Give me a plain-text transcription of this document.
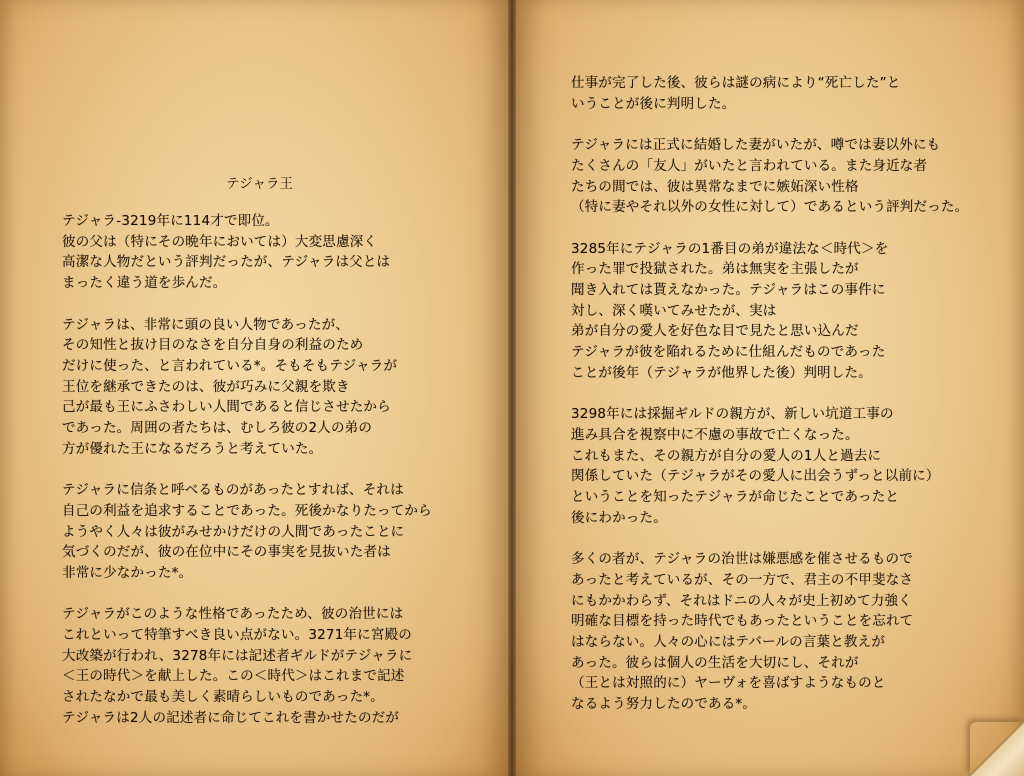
テジャラ王
テジャラ-3219年に114才で即位。
彼の父は（特にその晩年においては）大変思慮深く
高潔な人物だという評判だったが、テジャラは父とは
まったく違う道を歩んだ。
テジャラは、非常に頭の良い人物であったが、
その知性と抜け目のなさを自分自身の利益のため
だけに使った、と言われている*。そもそもテジャラが
王位を継承できたのは、彼が巧みに父親を欺き
己が最も王にふさわしい人間であると信じさせたから
であった。周囲の者たちは、むしろ彼の2人の弟の
方が優れた王になるだろうと考えていた。
テジャラに信条と呼べるものがあったとすれば、それは
自己の利益を追求することであった。死後かなりたってから
ようやく人々は彼がみせかけだけの人間であったことに
気づくのだが、彼の在位中にその事実を見抜いた者は
非常に少なかった*。
テジャラがこのような性格であったため、彼の治世には
これといって特筆すべき良い点がない。3271年に宮殿の
大改築が行われ、3278年には記述者ギルドがテジャラに
＜王の時代＞を献上した。この＜時代＞はこれまで記述
されたなかで最も美しく素晴らしいものであった*。
テジャラは2人の記述者に命じてこれを書かせたのだが
仕事が完了した後、彼らは謎の病により“死亡した”と
いうことが後に判明した。
テジャラには正式に結婚した妻がいたが、噂では妻以外にも
たくさんの「友人」がいたと言われている。また身近な者
たちの間では、彼は異常なまでに嫉妬深い性格
（特に妻やそれ以外の女性に対して）であるという評判だった。
3285年にテジャラの1番目の弟が違法な＜時代＞を
作った罪で投獄された。弟は無実を主張したが
聞き入れては貰えなかった。テジャラはこの事件に
対し、深く嘆いてみせたが、実は
弟が自分の愛人を好色な目で見たと思い込んだ
テジャラが彼を陥れるために仕組んだものであった
ことが後年（テジャラが他界した後）判明した。
3298年には採掘ギルドの親方が、新しい坑道工事の
進み具合を視察中に不慮の事故で亡くなった。
これもまた、その親方が自分の愛人の1人と過去に
関係していた（テジャラがその愛人に出会うずっと以前に）
ということを知ったテジャラが命じたことであったと
後にわかった。
多くの者が、テジャラの治世は嫌悪感を催させるもので
あったと考えているが、その一方で、君主の不甲斐なさ
にもかかわらず、それはドニの人々が史上初めて力強く
明確な目標を持った時代でもあったということを忘れて
はならない。人々の心にはテバールの言葉と教えが
あった。彼らは個人の生活を大切にし、それが
（王とは対照的に）ヤーヴォを喜ばすようなものと
なるよう努力したのである*。
